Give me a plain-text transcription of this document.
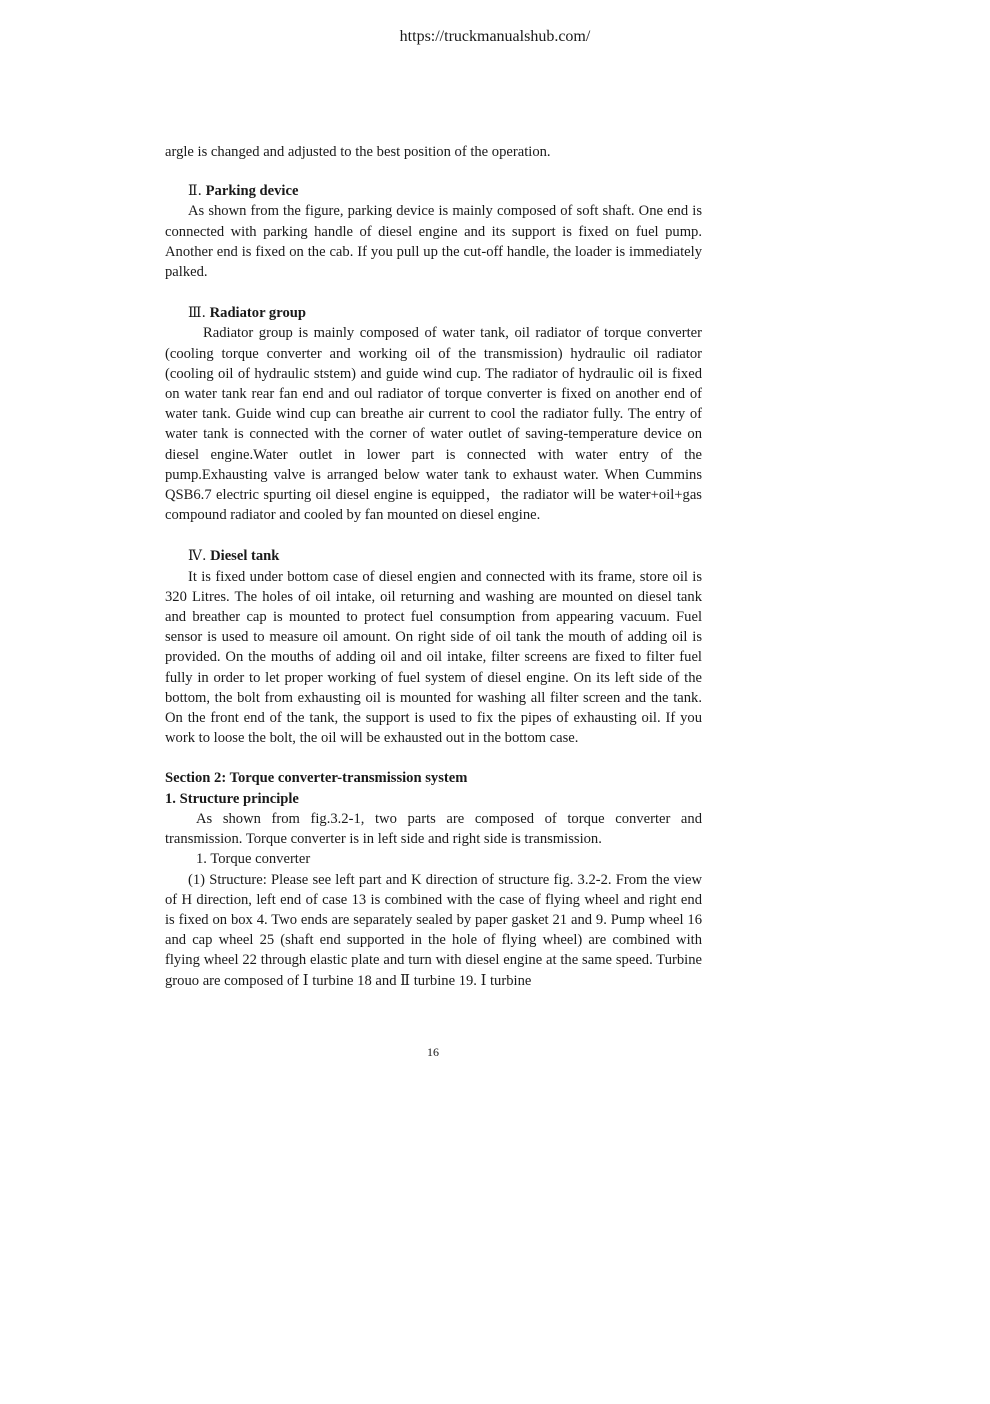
https://truckmanualshub.com/

argle is changed and adjusted to the best position of the operation.

Ⅱ. Parking device

As shown from the figure, parking device is mainly composed of soft shaft. One end is connected with parking handle of diesel engine and its support is fixed on fuel pump. Another end is fixed on the cab. If you pull up the cut-off handle, the loader is immediately palked.

Ⅲ. Radiator group

Radiator group is mainly composed of water tank, oil radiator of torque converter (cooling torque converter and working oil of the transmission) hydraulic oil radiator (cooling oil of hydraulic ststem) and guide wind cup. The radiator of hydraulic oil is fixed on water tank rear fan end and oul radiator of torque converter is fixed on another end of water tank. Guide wind cup can breathe air current to cool the radiator fully. The entry of water tank is connected with the corner of water outlet of saving-temperature device on diesel engine.Water outlet in lower part is connected with water entry of the pump.Exhausting valve is arranged below water tank to exhaust water. When Cummins QSB6.7 electric spurting oil diesel engine is equipped，the radiator will be water+oil+gas compound radiator and cooled by fan mounted on diesel engine.

Ⅳ. Diesel tank

It is fixed under bottom case of diesel engien and connected with its frame, store oil is 320 Litres. The holes of oil intake, oil returning and washing are mounted on diesel tank and breather cap is mounted to protect fuel consumption from appearing vacuum. Fuel sensor is used to measure oil amount. On right side of oil tank the mouth of adding oil is provided. On the mouths of adding oil and oil intake, filter screens are fixed to filter fuel fully in order to let proper working of fuel system of diesel engine. On its left side of the bottom, the bolt from exhausting oil is mounted for washing all filter screen and the tank. On the front end of the tank, the support is used to fix the pipes of exhausting oil. If you work to loose the bolt, the oil will be exhausted out in the bottom case.

Section 2: Torque converter-transmission system

1. Structure principle

As shown from fig.3.2-1, two parts are composed of torque converter and transmission. Torque converter is in left side and right side is transmission.

1. Torque converter

(1) Structure: Please see left part and K direction of structure fig. 3.2-2. From the view of H direction, left end of case 13 is combined with the case of flying wheel and right end is fixed on box 4. Two ends are separately sealed by paper gasket 21 and 9. Pump wheel 16 and cap wheel 25 (shaft end supported in the hole of flying wheel) are combined with flying wheel 22 through elastic plate and turn with diesel engine at the same speed. Turbine grouo are composed of Ⅰ turbine 18 and Ⅱ turbine 19. Ⅰ turbine

16
